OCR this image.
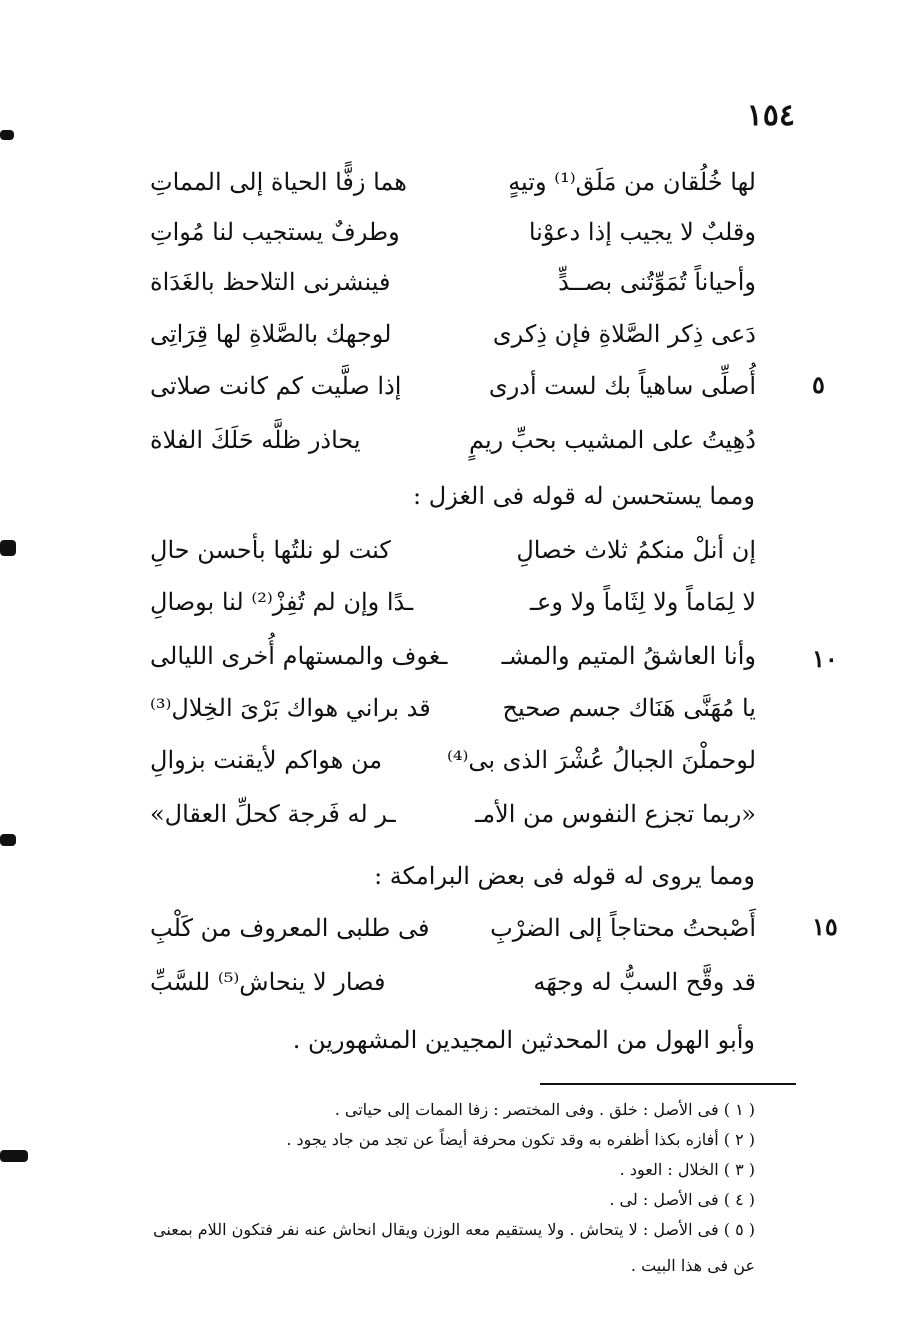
١٥٤
لها خُلُقان من مَلَق⁽¹⁾ وتيهٍ
هما زفًّا الحياة إلى المماتِ
وقلبٌ لا يجيب إذا دعوْنا
وطرفٌ يستجيب لنا مُواتِ
وأحياناً تُمَوِّتُنى بصــدٍّ
فينشرنى التلاحظ بالغَدَاة
دَعى ذِكر الصَّلاةِ فإن ذِكرى
لوجهك بالصَّلاةِ لها قِرَاتِى
أُصلِّى ساهياً بك لست أدرى
إذا صلَّيت كم كانت صلاتى	٥
دُهِيتُ على المشيب بحبِّ ريمٍ
يحاذر ظلَّه حَلَكَ الفلاة
ومما يستحسن له قوله فى الغزل :
إن أنلْ منكمُ ثلاث خصالِ
كنت لو نلتُها بأحسن حالِ
لا لِمَاماً ولا لِثَاماً ولا وعـ
ـدًا وإن لم تُفِزْ⁽²⁾ لنا بوصالِ
وأنا العاشقُ المتيم والمشـ
ـغوف والمستهام أُخرى الليالى	١٠
يا مُهَنَّى هَنَاك جسم صحيح
قد براني هواك بَرْىَ الخِلال⁽³⁾
لوحملْنَ الجبالُ عُشْرَ الذى بى⁽⁴⁾
من هواكم لأيقنت بزوالِ
«ربما تجزع النفوس من الأمـ
ـر له فَرجة كحلِّ العقال»
ومما يروى له قوله فى بعض البرامكة :
أَصْبحتُ محتاجاً إلى الضرْبِ
فى طلبى المعروف من كَلْبِ	١٥
قد وقَّح السبُّ له وجهَه
فصار لا ينحاش⁽⁵⁾ للسَّبِّ
وأبو الهول من المحدثين المجيدين المشهورين .
( ١ ) فى الأصل : خلق . وفى المختصر : زفا الممات إلى حياتى .
( ٢ ) أفازه بكذا أظفره به وقد تكون محرفة أيضاً عن تجد من جاد يجود .
( ٣ ) الخلال : العود .
( ٤ ) فى الأصل : لى .
( ٥ ) فى الأصل : لا يتحاش . ولا يستقيم معه الوزن ويقال انحاش عنه نفر فتكون اللام بمعنى
عن فى هذا البيت .
